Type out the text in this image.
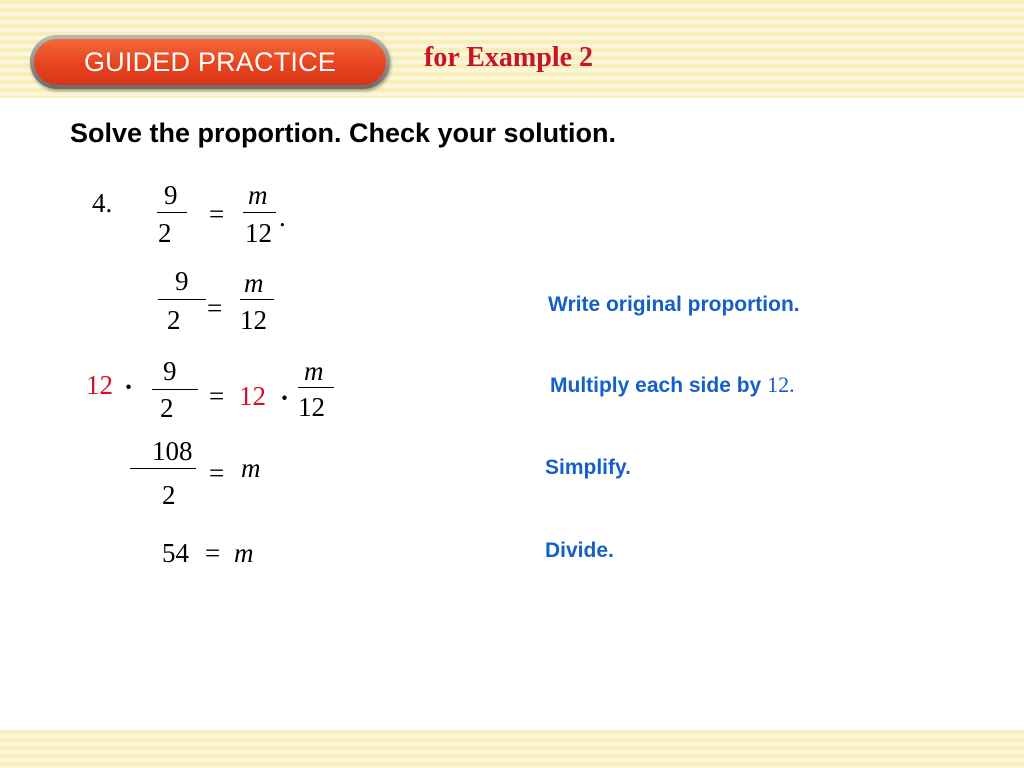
GUIDED PRACTICE	for Example 2
Solve the proportion. Check your solution.
4. 9
2
=
m
12
.
9
2 =
m
12
Write original proportion.
12 ·
9
2 = 12 ·
m
12
Multiply each side by 12.
108
2
= m	Simplify.
54 = m	Divide.
